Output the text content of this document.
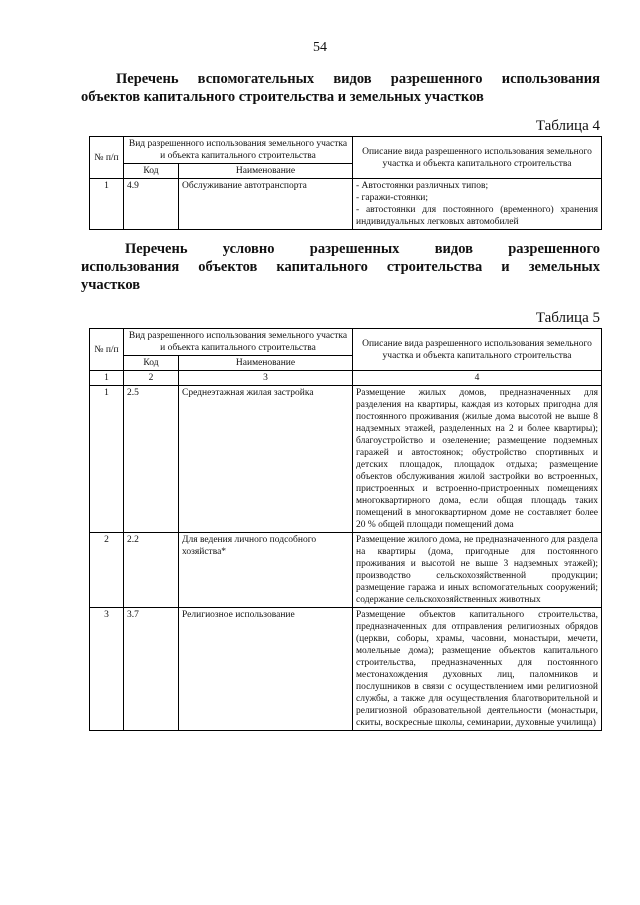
54
Перечень вспомогательных видов разрешенного использования
объектов капитального строительства и земельных участков
Таблица 4
№ п/п	Вид разрешенного использования земельного участка и объекта капитального строительства		Описание вида разрешенного использования земельного участка и объекта капитального строительства
	Код	Наименование	
1	4.9	Обслуживание автотранспорта	- Автостоянки различных типов;
- гаражи-стоянки;
- автостоянки для постоянного (временного) хранения индивидуальных легковых автомобилей
Перечень условно разрешенных видов разрешенного
использования объектов капитального строительства и земельных
участков
Таблица 5
№ п/п	Вид разрешенного использования земельного участка и объекта капитального строительства		Описание вида разрешенного использования земельного участка и объекта капитального строительства
	Код	Наименование	
1	2	3	4
1	2.5	Среднеэтажная жилая застройка	Размещение жилых домов, предназначенных для разделения на квартиры, каждая из которых пригодна для постоянного проживания (жилые дома высотой не выше 8 надземных этажей, разделенных на 2 и более квартиры); благоустройство и озеленение; размещение подземных гаражей и автостоянок; обустройство спортивных и детских площадок, площадок отдыха; размещение объектов обслуживания жилой застройки во встроенных, пристроенных и встроенно-пристроенных помещениях многоквартирного дома, если общая площадь таких помещений в многоквартирном доме не составляет более 20 % общей площади помещений дома
2	2.2	Для ведения личного подсобного хозяйства*	Размещение жилого дома, не предназначенного для раздела на квартиры (дома, пригодные для постоянного проживания и высотой не выше 3 надземных этажей); производство сельскохозяйственной продукции; размещение гаража и иных вспомогательных сооружений; содержание сельскохозяйственных животных
3	3.7	Религиозное использование	Размещение объектов капитального строительства, предназначенных для отправления религиозных обрядов (церкви, соборы, храмы, часовни, монастыри, мечети, молельные дома); размещение объектов капитального строительства, предназначенных для постоянного местонахождения духовных лиц, паломников и послушников в связи с осуществлением ими религиозной службы, а также для осуществления благотворительной и религиозной образовательной деятельности (монастыри, скиты, воскресные школы, семинарии, духовные училища)
